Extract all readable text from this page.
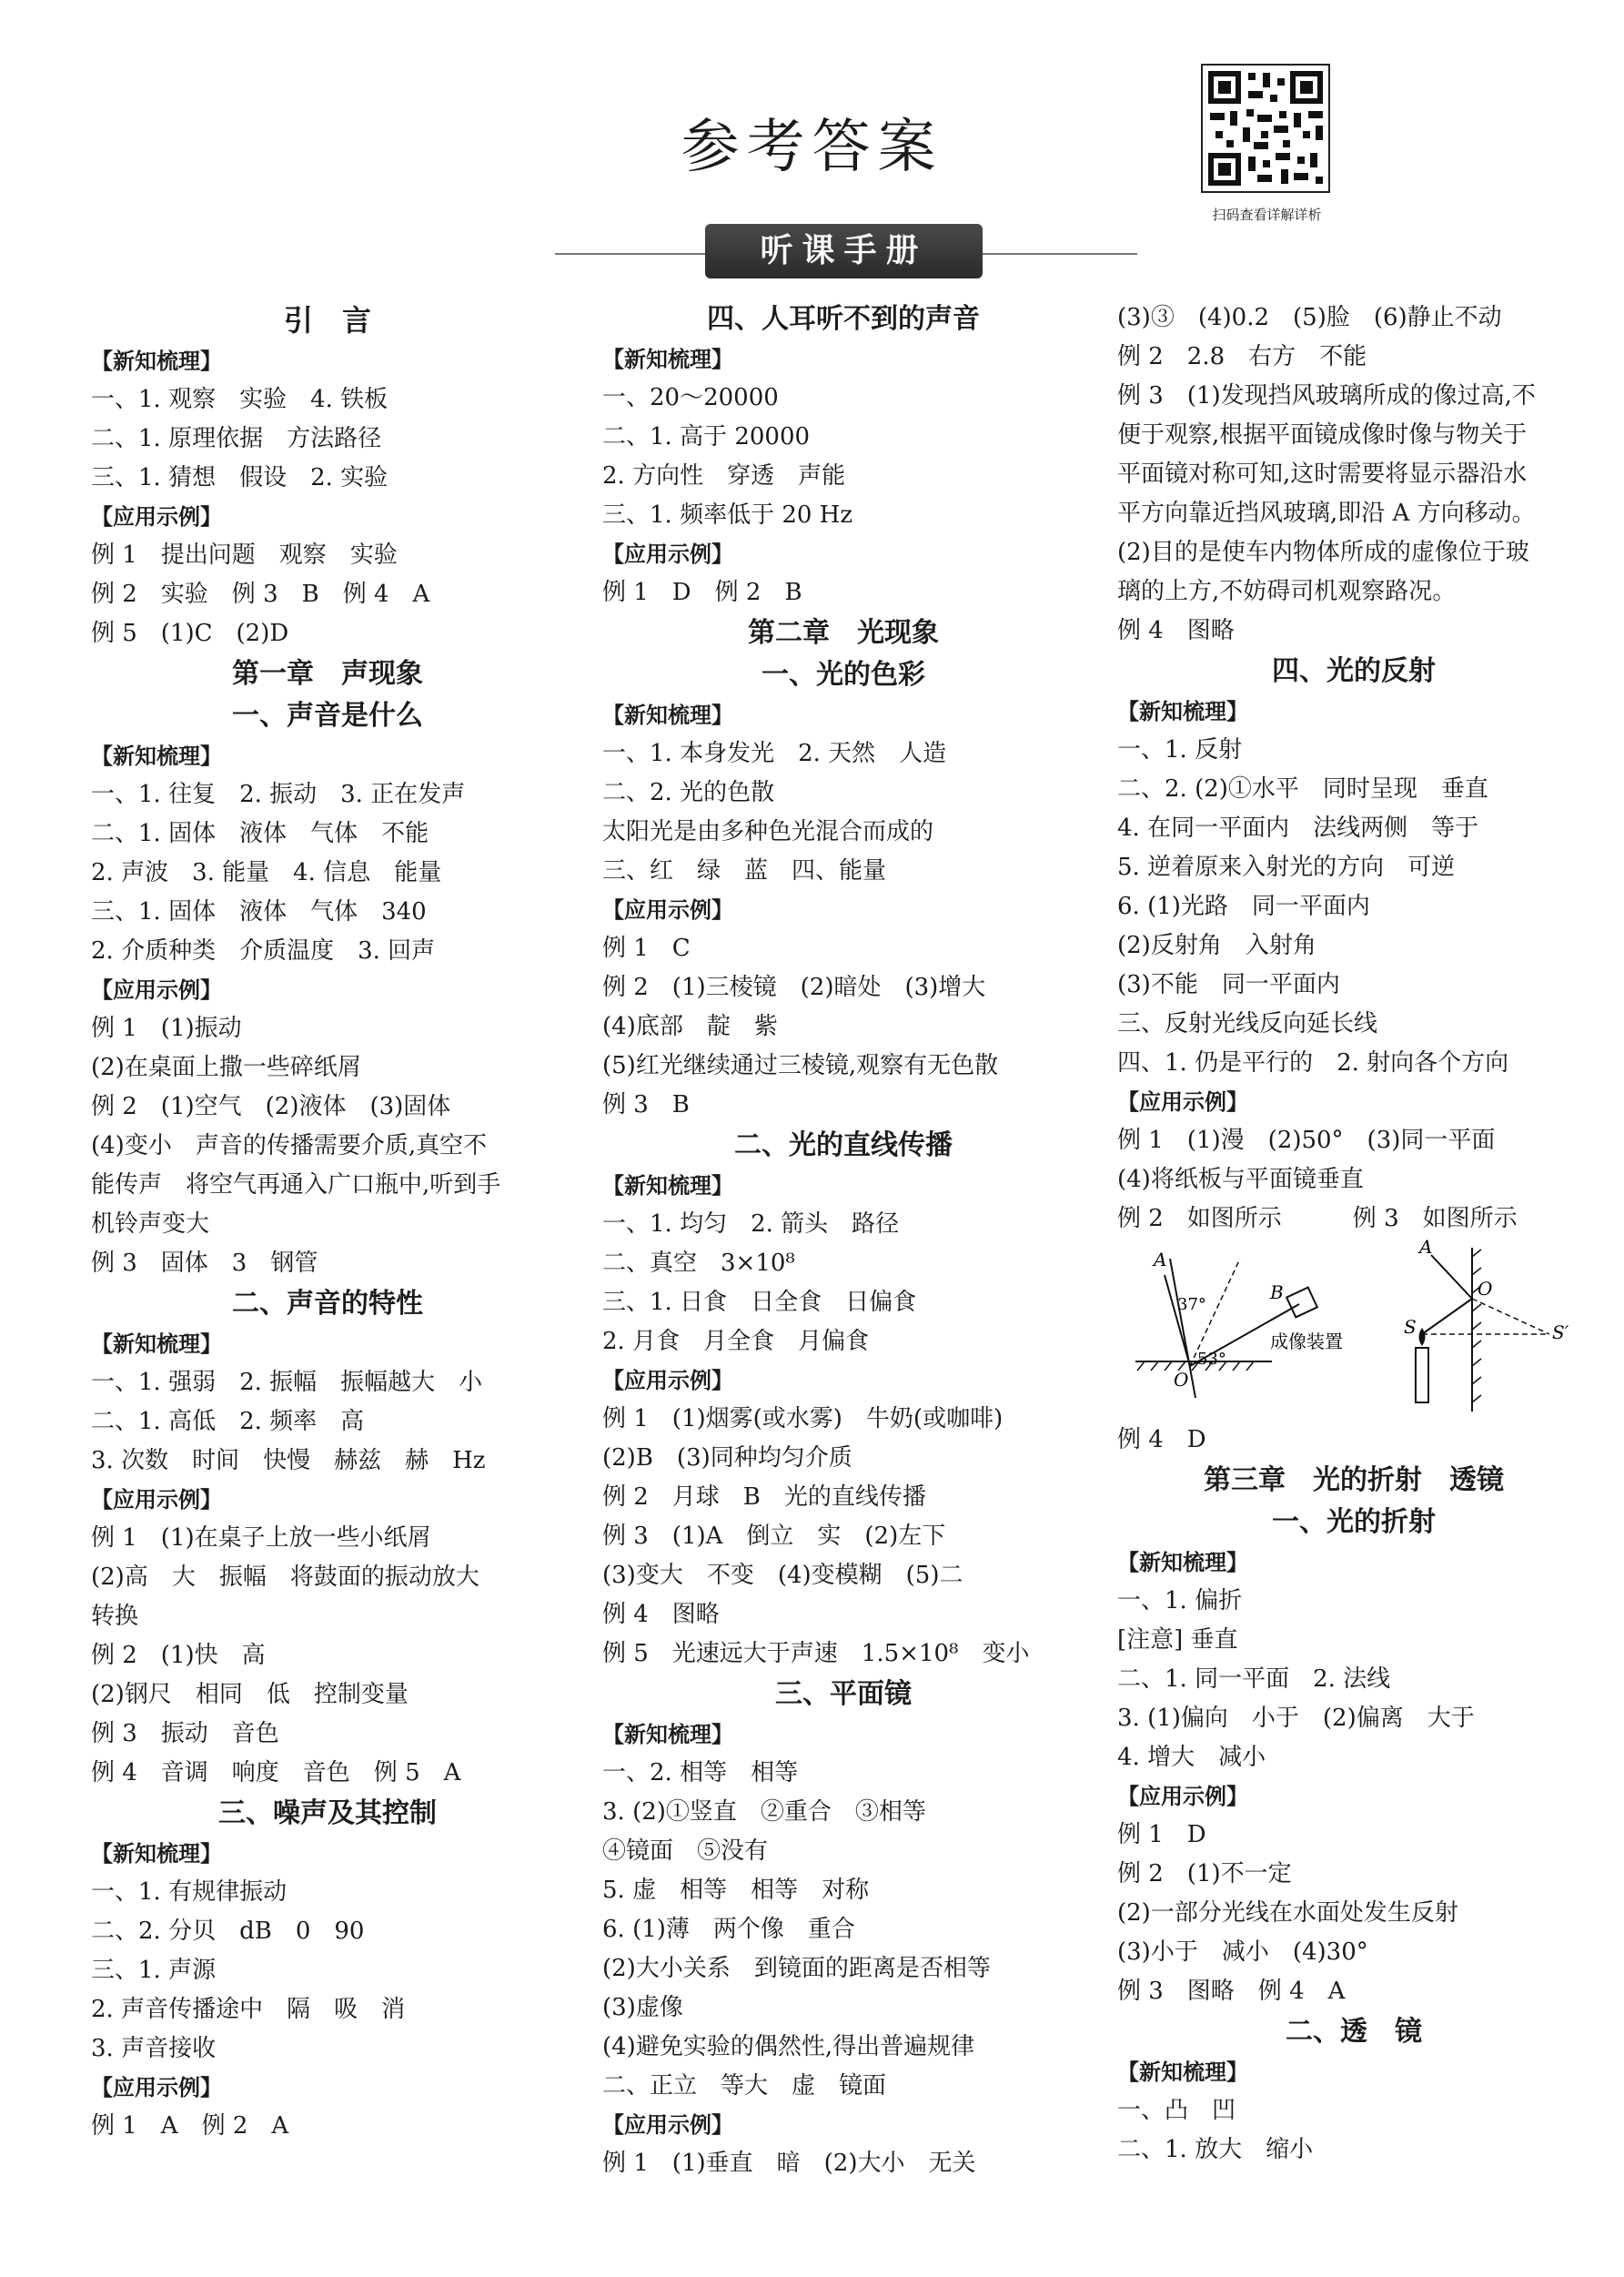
参考答案
扫码查看详解详析
听课手册
引　言
【新知梳理】
一、1. 观察　实验　4. 铁板
二、1. 原理依据　方法路径
三、1. 猜想　假设　2. 实验
【应用示例】
例 1　提出问题　观察　实验
例 2　实验　例 3　B　例 4　A
例 5　(1)C　(2)D
第一章　声现象
一、声音是什么
【新知梳理】
一、1. 往复　2. 振动　3. 正在发声
二、1. 固体　液体　气体　不能
2. 声波　3. 能量　4. 信息　能量
三、1. 固体　液体　气体　340
2. 介质种类　介质温度　3. 回声
【应用示例】
例 1　(1)振动
(2)在桌面上撒一些碎纸屑
例 2　(1)空气　(2)液体　(3)固体
(4)变小　声音的传播需要介质,真空不
能传声　将空气再通入广口瓶中,听到手
机铃声变大
例 3　固体　3　钢管
二、声音的特性
【新知梳理】
一、1. 强弱　2. 振幅　振幅越大　小
二、1. 高低　2. 频率　高
3. 次数　时间　快慢　赫兹　赫　Hz
【应用示例】
例 1　(1)在桌子上放一些小纸屑
(2)高　大　振幅　将鼓面的振动放大
转换
例 2　(1)快　高
(2)钢尺　相同　低　控制变量
例 3　振动　音色
例 4　音调　响度　音色　例 5　A
三、噪声及其控制
【新知梳理】
一、1. 有规律振动
二、2. 分贝　dB　0　90
三、1. 声源
2. 声音传播途中　隔　吸　消
3. 声音接收
【应用示例】
例 1　A　例 2　A
四、人耳听不到的声音
【新知梳理】
一、20～20000
二、1. 高于 20000
2. 方向性　穿透　声能
三、1. 频率低于 20 Hz
【应用示例】
例 1　D　例 2　B
第二章　光现象
一、光的色彩
【新知梳理】
一、1. 本身发光　2. 天然　人造
二、2. 光的色散
太阳光是由多种色光混合而成的
三、红　绿　蓝　四、能量
【应用示例】
例 1　C
例 2　(1)三棱镜　(2)暗处　(3)增大
(4)底部　靛　紫
(5)红光继续通过三棱镜,观察有无色散
例 3　B
二、光的直线传播
【新知梳理】
一、1. 均匀　2. 箭头　路径
二、真空　3×10⁸
三、1. 日食　日全食　日偏食
2. 月食　月全食　月偏食
【应用示例】
例 1　(1)烟雾(或水雾)　牛奶(或咖啡)
(2)B　(3)同种均匀介质
例 2　月球　B　光的直线传播
例 3　(1)A　倒立　实　(2)左下
(3)变大　不变　(4)变模糊　(5)二
例 4　图略
例 5　光速远大于声速　1.5×10⁸　变小
三、平面镜
【新知梳理】
一、2. 相等　相等
3. (2)①竖直　②重合　③相等
④镜面　⑤没有
5. 虚　相等　相等　对称
6. (1)薄　两个像　重合
(2)大小关系　到镜面的距离是否相等
(3)虚像
(4)避免实验的偶然性,得出普遍规律
二、正立　等大　虚　镜面
【应用示例】
例 1　(1)垂直　暗　(2)大小　无关
(3)③　(4)0.2　(5)脸　(6)静止不动
例 2　2.8　右方　不能
例 3　(1)发现挡风玻璃所成的像过高,不
便于观察,根据平面镜成像时像与物关于
平面镜对称可知,这时需要将显示器沿水
平方向靠近挡风玻璃,即沿 A 方向移动。
(2)目的是使车内物体所成的虚像位于玻
璃的上方,不妨碍司机观察路况。
例 4　图略
四、光的反射
【新知梳理】
一、1. 反射
二、2. (2)①水平　同时呈现　垂直
4. 在同一平面内　法线两侧　等于
5. 逆着原来入射光的方向　可逆
6. (1)光路　同一平面内
(2)反射角　入射角
(3)不能　同一平面内
三、反射光线反向延长线
四、1. 仍是平行的　2. 射向各个方向
【应用示例】
例 1　(1)漫　(2)50°　(3)同一平面
(4)将纸板与平面镜垂直
例 2　如图所示　　　例 3　如图所示
A
B
O
37°
53°
成像装置
A
O
S	S′
例 4　D
第三章　光的折射　透镜
一、光的折射
【新知梳理】
一、1. 偏折
[注意] 垂直
二、1. 同一平面　2. 法线
3. (1)偏向　小于　(2)偏离　大于
4. 增大　减小
【应用示例】
例 1　D
例 2　(1)不一定
(2)一部分光线在水面处发生反射
(3)小于　减小　(4)30°
例 3　图略　例 4　A
二、透　镜
【新知梳理】
一、凸　凹
二、1. 放大　缩小
